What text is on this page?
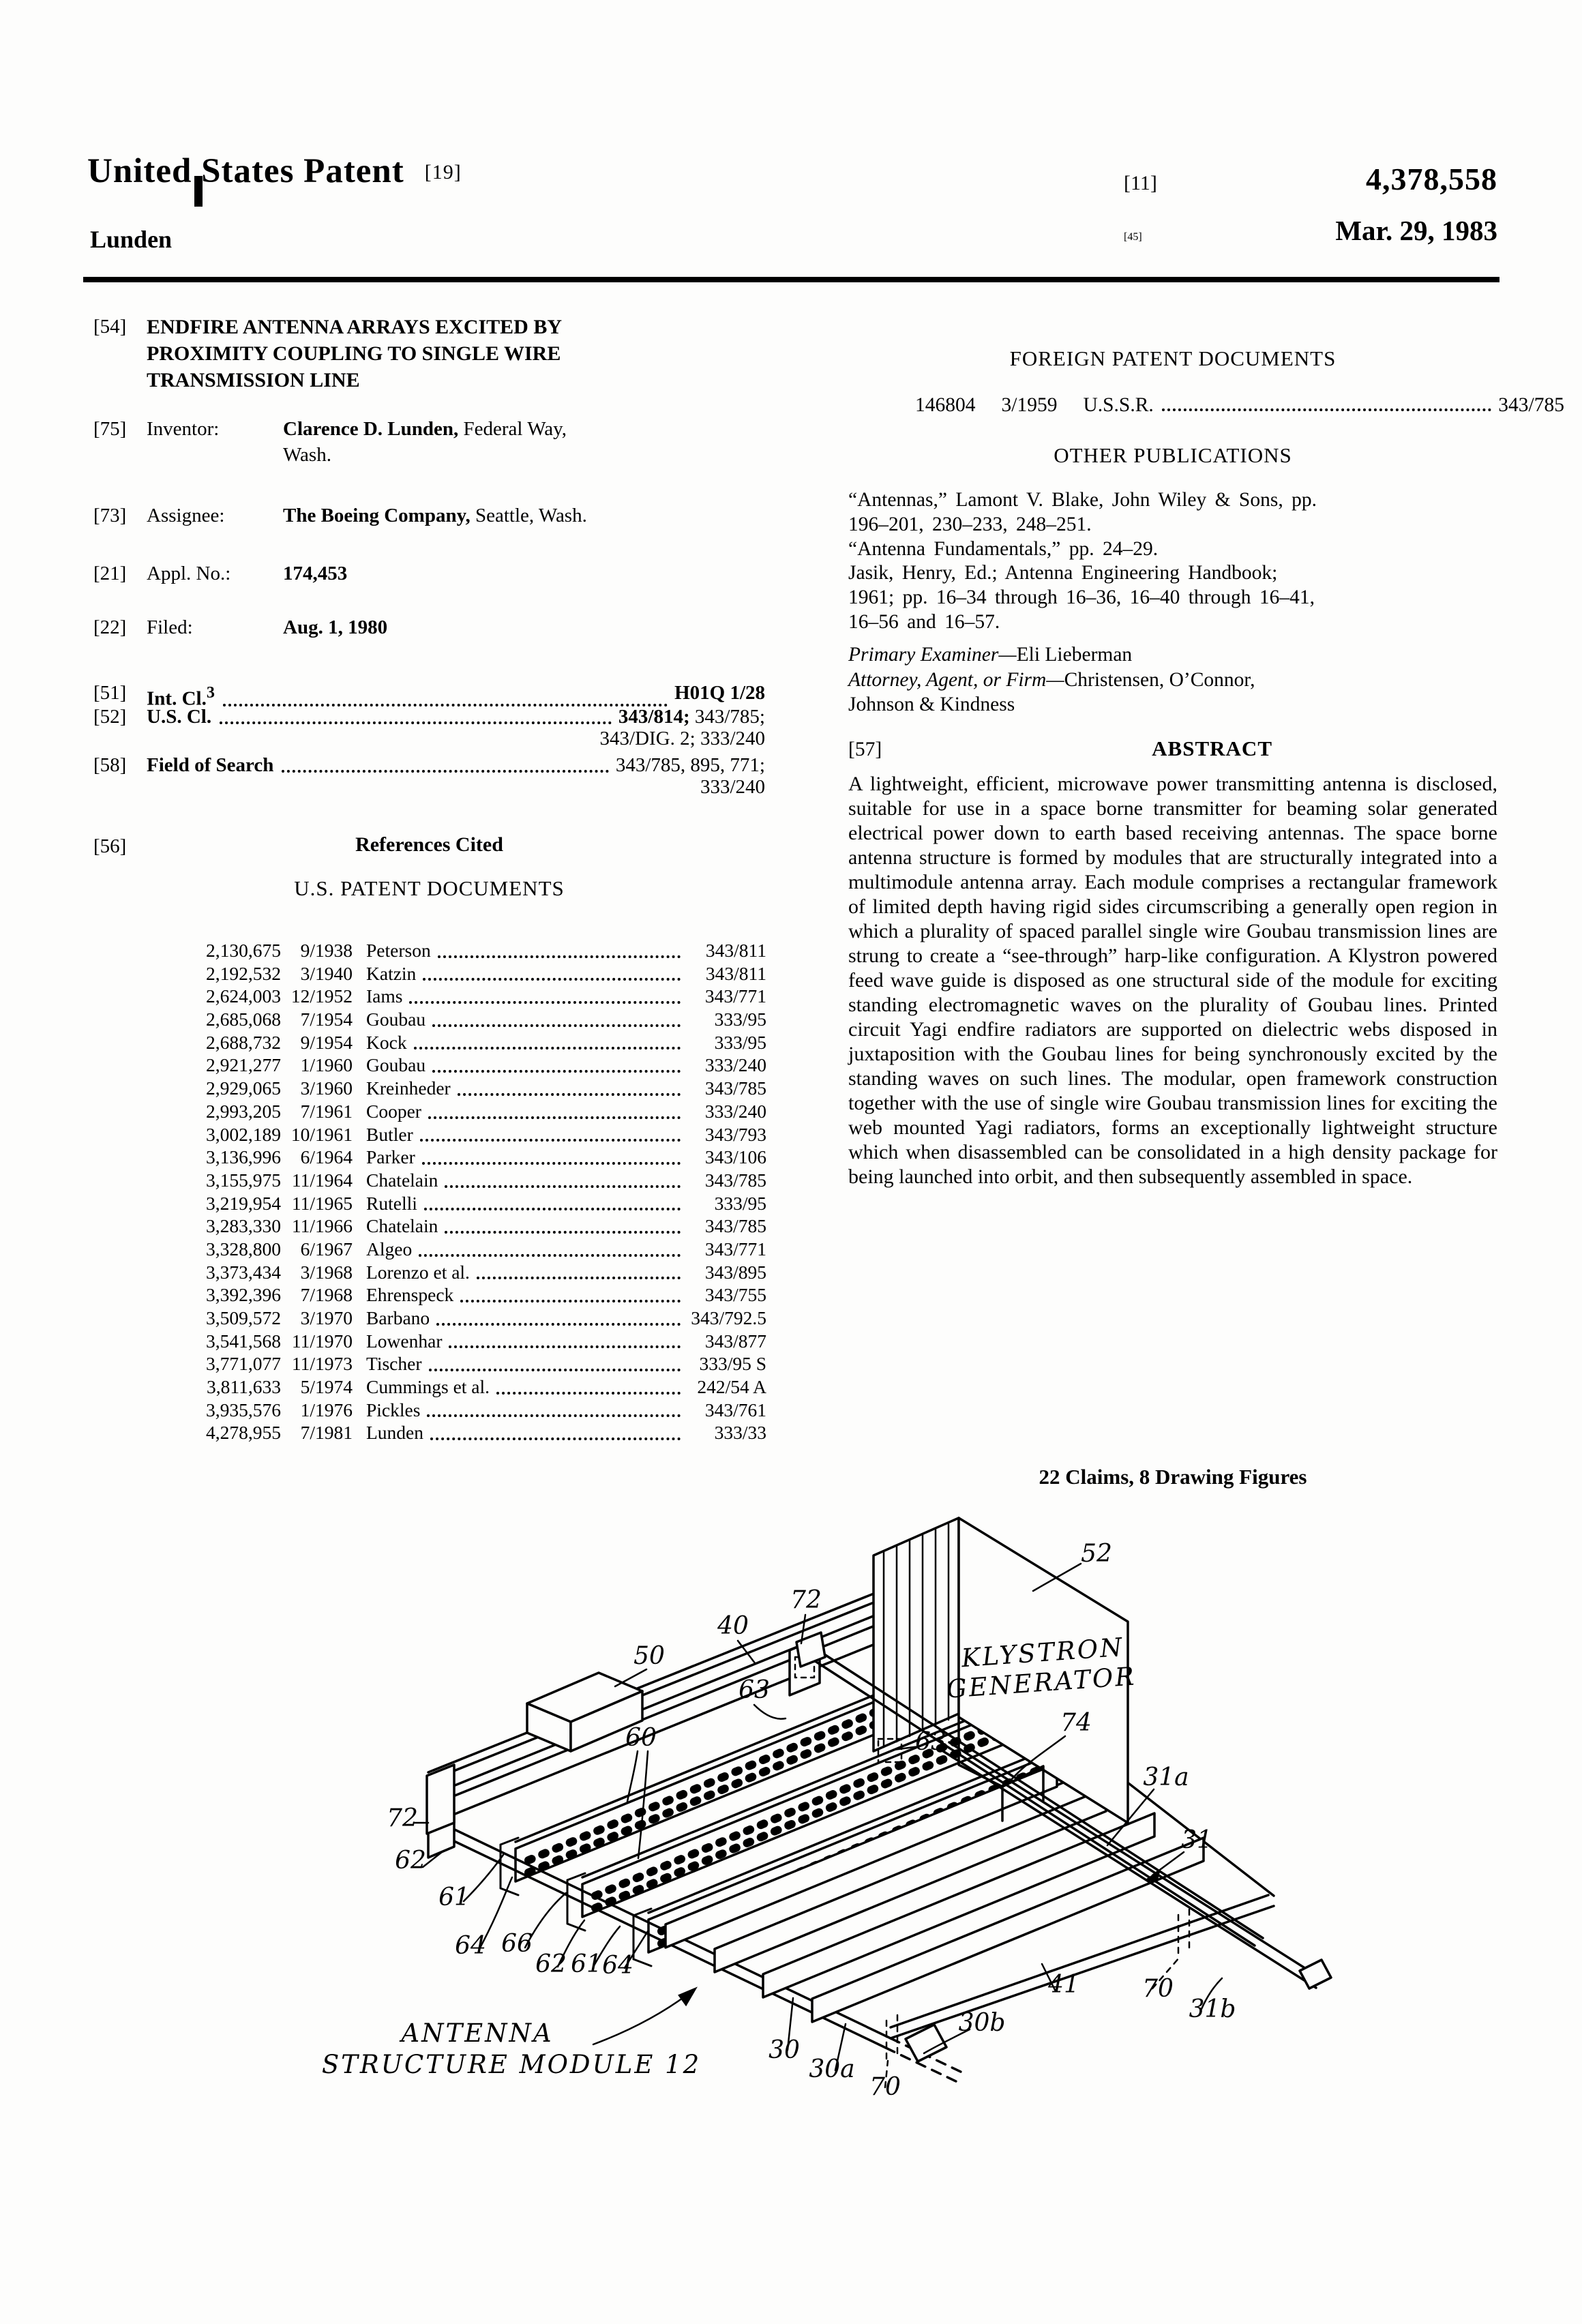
United States Patent [19]
Lunden
[11]	4,378,558
[45]	Mar. 29, 1983
[54] ENDFIRE ANTENNA ARRAYS EXCITED BY
PROXIMITY COUPLING TO SINGLE WIRE
TRANSMISSION LINE
[75]	Inventor:	Clarence D. Lunden, Federal Way,
Wash.
[73]	Assignee:	The Boeing Company, Seattle, Wash.
[21]	Appl. No.:	174,453
[22]	Filed:	Aug. 1, 1980
[51]	Int. Cl.$^3$	H01Q 1/28
[52]	U.S. Cl.	343/814; 343/785;
343/DIG. 2; 333/240
[58]	Field of Search	343/785, 895, 771;
333/240
[56]	References Cited
U.S. PATENT DOCUMENTS
2,130,675	9/1938 Peterson	343/811
2,192,532	3/1940 Katzin	343/811
2,624,003 12/1952 Iams	343/771
2,685,068	7/1954 Goubau	333/95
2,688,732	9/1954 Kock	333/95
2,921,277	1/1960 Goubau	333/240
2,929,065	3/1960 Kreinheder	343/785
2,993,205	7/1961 Cooper	333/240
3,002,189 10/1961 Butler	343/793
3,136,996	6/1964 Parker	343/106
3,155,975 11/1964 Chatelain	343/785
3,219,954 11/1965 Rutelli	333/95
3,283,330 11/1966 Chatelain	343/785
3,328,800	6/1967 Algeo	343/771
3,373,434	3/1968 Lorenzo et al.	343/895
3,392,396	7/1968 Ehrenspeck	343/755
3,509,572	3/1970 Barbano	343/792.5
3,541,568 11/1970 Lowenhar	343/877
3,771,077 11/1973 Tischer	333/95 S
3,811,633	5/1974 Cummings et al.	242/54 A
3,935,576	1/1976 Pickles	343/761
4,278,955	7/1981 Lunden	333/33
FOREIGN PATENT DOCUMENTS
146804 3/1959 U.S.S.R.	343/785
OTHER PUBLICATIONS
“Antennas,” Lamont V. Blake, John Wiley & Sons, pp.
196–201, 230–233, 248–251.
“Antenna Fundamentals,” pp. 24–29.
Jasik, Henry, Ed.; Antenna Engineering Handbook;
1961; pp. 16–34 through 16–36, 16–40 through 16–41,
16–56 and 16–57.
Primary Examiner—Eli Lieberman
Attorney, Agent, or Firm—Christensen, O’Connor,
Johnson & Kindness
[57]	ABSTRACT
A lightweight, efficient, microwave power transmitting antenna is disclosed, suitable for use in a space borne transmitter for beaming solar generated electrical power down to earth based receiving antennas. The space borne antenna structure is formed by modules that are structurally integrated into a multimodule antenna array. Each module comprises a rectangular framework of limited depth having rigid sides circumscribing a generally open region in which a plurality of spaced parallel single wire Goubau transmission lines are strung to create a “see-through” harp-like configuration. A Klystron powered feed wave guide is disposed as one structural side of the module for exciting standing electromagnetic waves on the plurality of Goubau lines. Printed circuit Yagi endfire radiators are supported on dielectric webs disposed in juxtaposition with the Goubau lines for being synchronously excited by the standing waves on such lines. The modular, open framework construction together with the use of single wire Goubau transmission lines for exciting the web mounted Yagi radiators, forms an exceptionally lightweight structure which when disassembled can be consolidated in a high density package for being launched into orbit, and then subsequently assembled in space.
22 Claims, 8 Drawing Figures
52
72
40
50
63
60	63
74
31a
31
72
62
61
64 66
62 61 64
41	70
31b
30b
30
30a
70
KLYSTRON
GENERATOR
ANTENNA
STRUCTURE MODULE 12
